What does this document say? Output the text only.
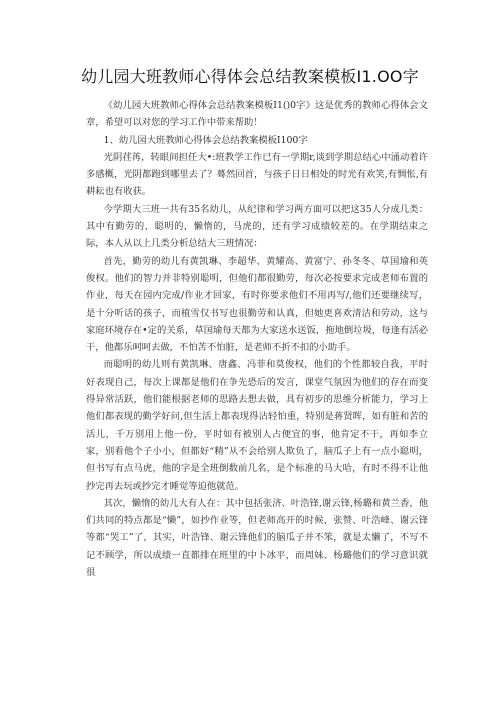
幼儿园大班教师心得体会总结教案模板I1.OO字

《幼儿园大班教师心得体会总结教案模板I1()0字》这是优秀的教师心得体会文章，希望可以对您的学习工作中带来帮助！

1、幼儿园大班教师心得体会总结教案模板I100字

光阴荏苒，转眼间担任大•:班教学工作已有一学期r,谈到学期总结心中涌动着许多感概，光阴都跑到哪里去了？蓦然回首，与孩子日日相处的时光有欢笑,有惆怅,有耕耘也有收获。

今学期大三班一共有35名幼儿，从纪律和学习两方面可以把这35人分成几类：其中有勤劳的，聪明的，懒惰的，马虎的，还有学习成绩较差的。在学期结束之际，本人从以上几类分析总结大三班情况：

首先，勤劳的幼儿有黄凯琳、李超华、黄耀高、黄富宁、孙冬冬、草国瑜和英俊权。他们的智力并非特别聪明，但他们都很勤劳，每次必按要求完成老师布置的作业，每天在园内完成/作业才回家，有时你要求他们不用再写/,他们还要继续写，是十分听话的孩子，而植雪仅书写也很勤劳和认真，但她更喜欢清洁和劳动，这与家庭环境存在•定的关系，草国瑜每天都为大家送水送饭，拖地倒垃圾，每逢有活必干，他都乐呵呵去做，不怕苦不怕脏，是老师不折不扣的小助手。

而聪明的幼儿则有黄凯琳、唐鑫、冯菲和莫俊权，他们的个性都较自我，平时好表现自己，每次上课都是他们在争先恐后的发言，课堂气氛因为他们的存在而变得异常活跃，他们能根据老师的思路去想去做，具有初步的思维分析能力，学习上他们都表现的勤学好问,但生活上都表现得沾轻怕重，特别是蒋贤晖，如有脏和苦的活儿，千万别用上他一份，平时如有被别人占便宜的事，他肯定不干，再如李立家，别看他个子小小，但都好“精”从不会给别人欺负了，脑瓜子上有一点小聪明，但书写有点马虎，他的字是全班倒数前几名，是个标准的马大哈，有时不得不让他抄完再去玩或抄完才睡觉等迫他就范。

其次，懒惰的幼儿大有人在：其中包括张济、叶浩锋,谢云锋,杨璐和黄兰香，他们共同的特点都是“懒”，如抄作业等，但老师高开的时候，张赞、叶浩峰、谢云锋等都“哭工”了，其实，叶浩锋、谢云锋他们的脑瓜子并不笨，就是太懒了，不写不记不顾学，所以成绩一直都排在班里的中卜冰平，而周妹、杨璐他们的学习意识就很
